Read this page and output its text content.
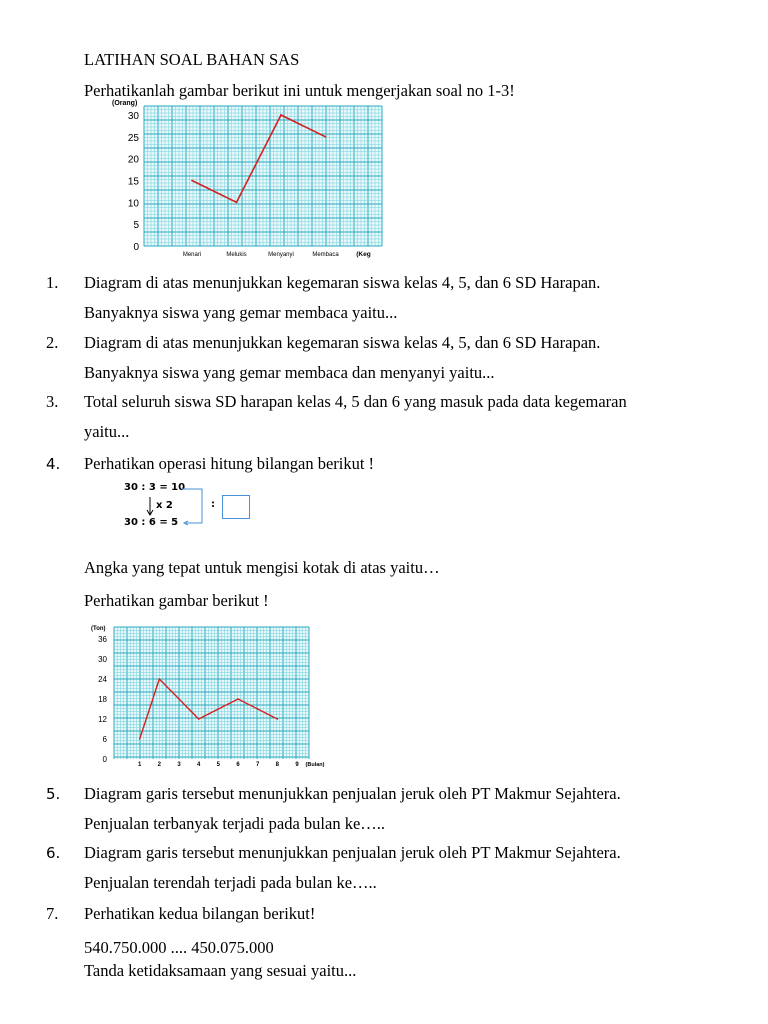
LATIHAN SOAL BAHAN SAS
Perhatikanlah gambar berikut ini untuk mengerjakan soal no 1-3!
(Orang)
30
25
20
15
10
5
0
Menari	Melukis	Menyanyi	Membaca	(Keg
1. Diagram di atas menunjukkan kegemaran siswa kelas 4, 5, dan 6 SD Harapan.
Banyaknya siswa yang gemar membaca yaitu...
2. Diagram di atas menunjukkan kegemaran siswa kelas 4, 5, dan 6 SD Harapan.
Banyaknya siswa yang gemar membaca dan menyanyi yaitu...
3. Total seluruh siswa SD harapan kelas 4, 5 dan 6 yang masuk pada data kegemaran
yaitu...
4. Perhatikan operasi hitung bilangan berikut !
30 : 3 = 10
x 2
30 : 6 = 5
:
Angka yang tepat untuk mengisi kotak di atas yaitu…
Perhatikan gambar berikut !
(Ton)
36
30
24
18
12
6
0
1	2	3	4	5	6	7	8	9 (Bulan)
5. Diagram garis tersebut menunjukkan penjualan jeruk oleh PT Makmur Sejahtera.
Penjualan terbanyak terjadi pada bulan ke…..
6. Diagram garis tersebut menunjukkan penjualan jeruk oleh PT Makmur Sejahtera.
Penjualan terendah terjadi pada bulan ke…..
7. Perhatikan kedua bilangan berikut!
540.750.000 .... 450.075.000
Tanda ketidaksamaan yang sesuai yaitu...
